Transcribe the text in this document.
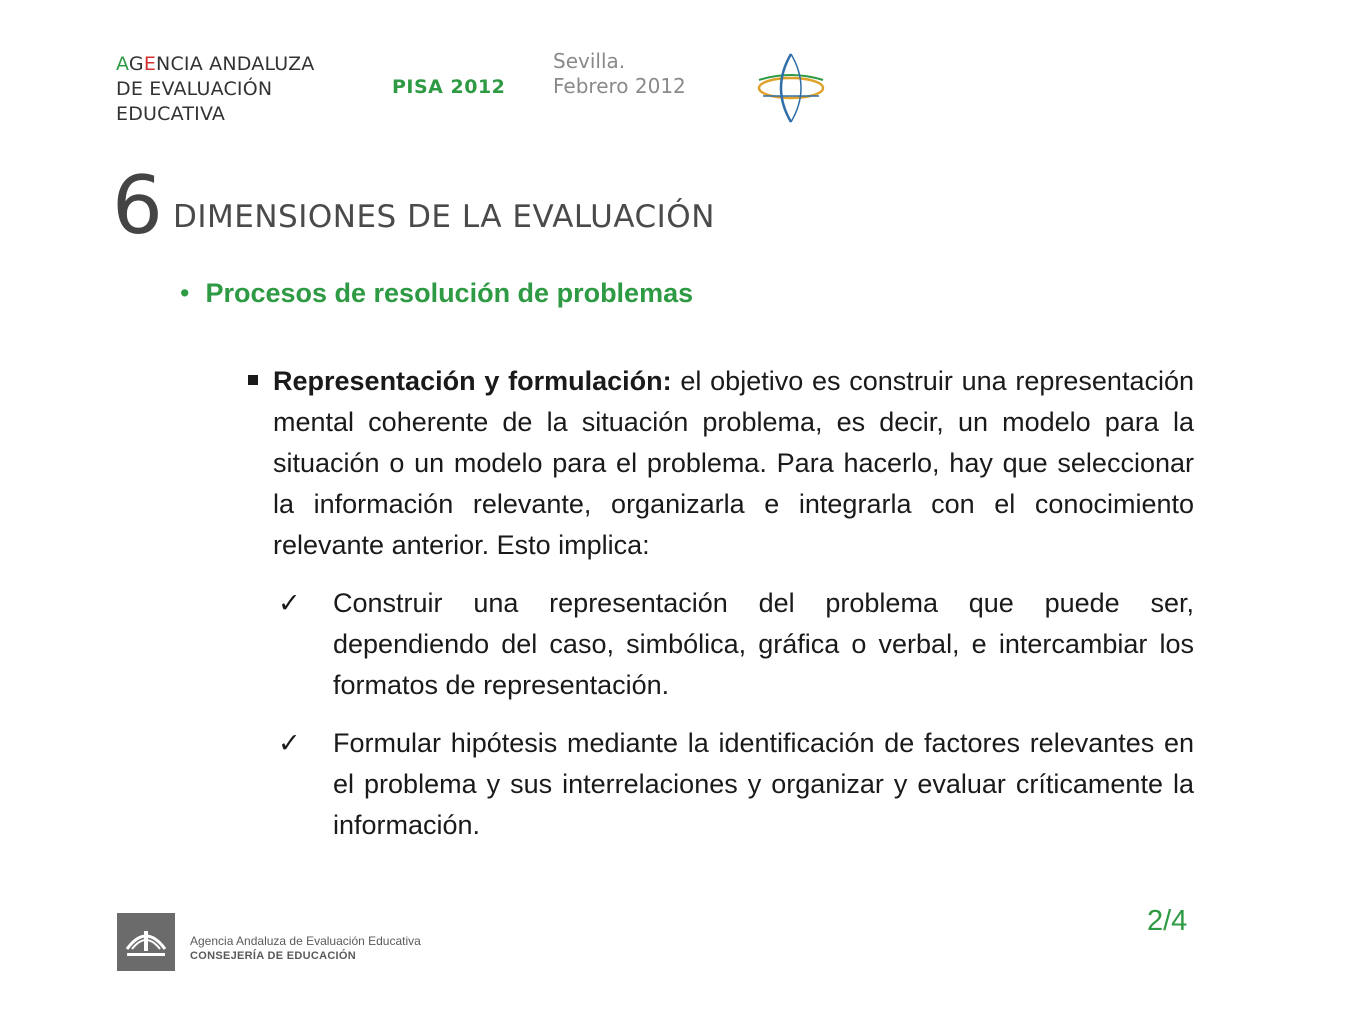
AGENCIA ANDALUZA
DE EVALUACIÓN
EDUCATIVA
PISA 2012
Sevilla.
Febrero 2012
6 DIMENSIONES DE LA EVALUACIÓN
• Procesos de resolución de problemas
Representación y formulación: el objetivo es construir una representación mental coherente de la situación problema, es decir, un modelo para la situación o un modelo para el problema. Para hacerlo, hay que seleccionar la información relevante, organizarla e integrarla con el conocimiento relevante anterior. Esto implica:
✓ Construir una representación del problema que puede ser, dependiendo del caso, simbólica, gráfica o verbal, e intercambiar los formatos de representación.
✓ Formular hipótesis mediante la identificación de factores relevantes en el problema y sus interrelaciones y organizar y evaluar críticamente la información.
2/4
Agencia Andaluza de Evaluación Educativa
CONSEJERÍA DE EDUCACIÓN
